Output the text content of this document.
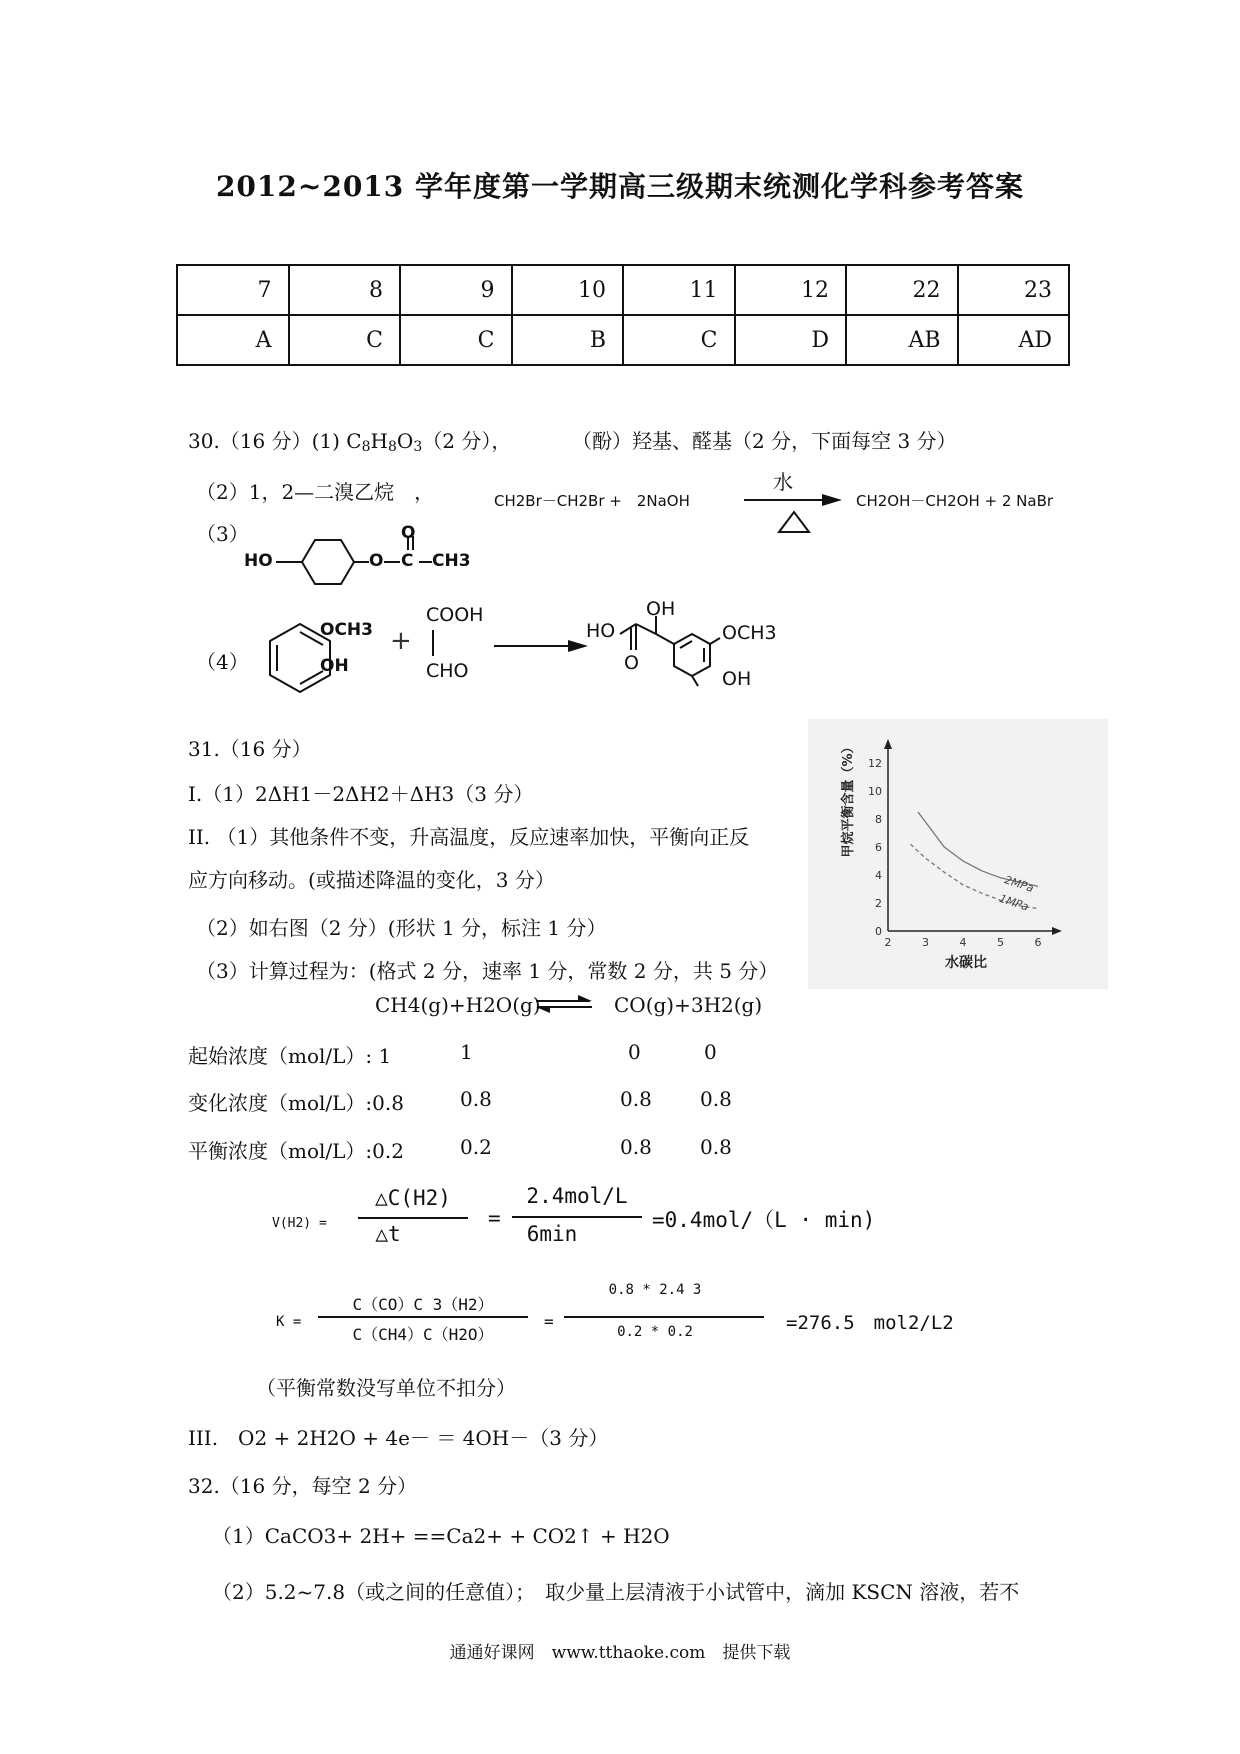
2012~2013 学年度第一学期高三级期末统测化学科参考答案
7	8	9	10	11	12	22	23
A	C	C	B	C	D	AB	AD
30.（16 分）(1) $C_8H_8O_3(2$ 分），	（酚）羟基、醛基（2 分，下面每空 3 分）
（2）1，2—二溴乙烷　，	CH2Br－CH2Br +　2NaOH
水
CH2OH－CH2OH + 2 NaBr
（3）
HO	O
O
C CH3
（4）
OCH3
OH
+
COOH
CHO
HO
O
OH
OCH3
OH
31.（16 分）
I.（1）2ΔH1－2ΔH2＋ΔH3（3 分）
II. （1）其他条件不变，升高温度，反应速率加快，平衡向正反
应方向移动。(或描述降温的变化，3 分）
（2）如右图（2 分）(形状 1 分，标注 1 分）
（3）计算过程为：(格式 2 分，速率 1 分，常数 2 分，共 5 分）
甲烷平衡含量（%）
水碳比
2	3	4	5	6
0
2
4
6
8
10
12
2MPa
1MPa
CH4(g)+H2O(g) ⇌ CO(g)+3H2(g)
起始浓度（mol/L）: 1	1	0	0
变化浓度（mol/L）:0.8	0.8	0.8 0.8
平衡浓度（mol/L）:0.2	0.2	0.8 0.8
V(H2) =
△C(H2)
△t
=
2.4mol/L
6min
=0.4mol/（L · min)
K =
C（CO）C 3（H2）
C（CH4）C（H2O）
=
0.8 * 2.4 3
0.2 * 0.2	=276.5　mol2/L2
（平衡常数没写单位不扣分）
III.　O2 + 2H2O + 4e－ ＝ 4OH－（3 分）
32.（16 分，每空 2 分）
（1）CaCO3+ 2H+ ==Ca2+ + CO2↑ + H2O
（2）5.2~7.8（或之间的任意值）；　取少量上层清液于小试管中，滴加 KSCN 溶液，若不
通通好课网　www.tthaoke.com　提供下载
